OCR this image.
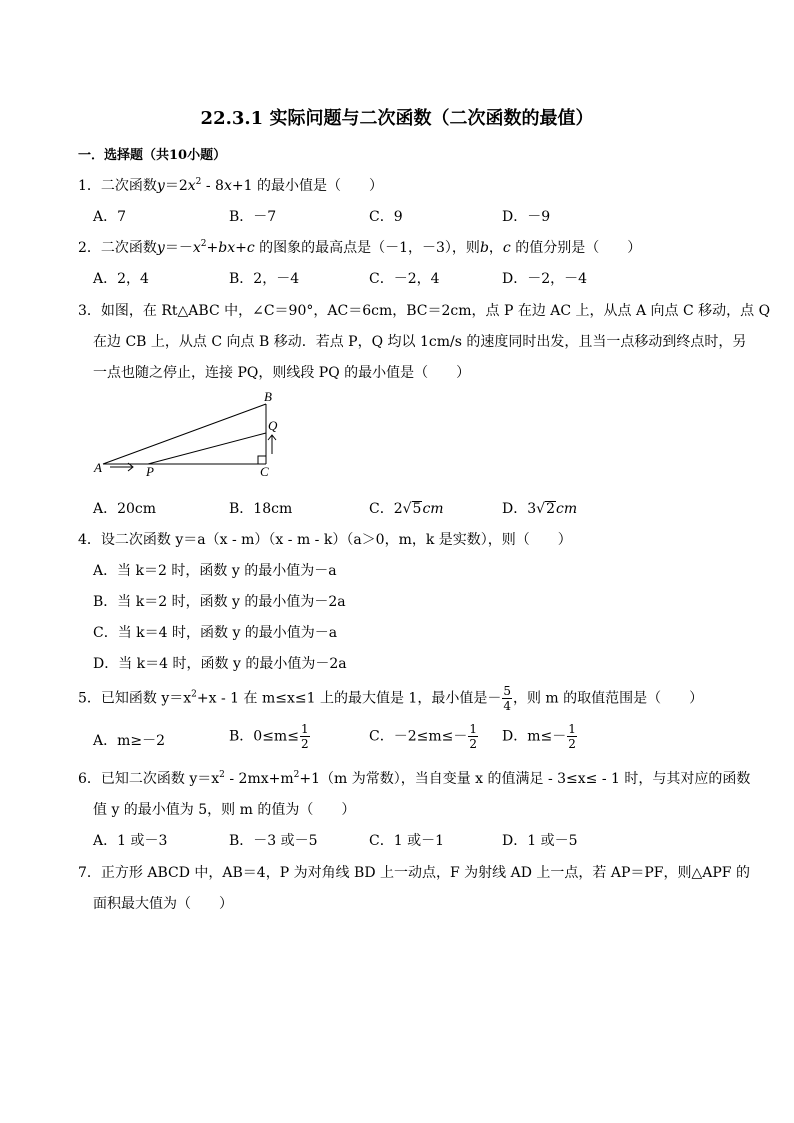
22.3.1 实际问题与二次函数（二次函数的最值）
一．选择题（共10小题）
1．二次函数$y=2x^2 - 8x+1$ 的最小值是（　　）
A．7	B．－7	C．9	D．－9
2．二次函数$y=-x^2+bx+c$ 的图象的最高点是（－1，－3），则b，c 的值分别是（　　）
A．2，4	B．2，－4	C．－2，4	D．－2，－4
3．如图，在 Rt△ABC 中，∠C＝90°，AC＝6cm，BC＝2cm，点 P 在边 AC 上，从点 A 向点 C 移动，点 Q
在边 CB 上，从点 C 向点 B 移动．若点 P，Q 均以 1cm/s 的速度同时出发，且当一点移动到终点时，另
一点也随之停止，连接 PQ，则线段 PQ 的最小值是（　　）
A
B
C
P
Q
A．20cm	B．18cm	C．2√5cm	D．3√2cm
4．设二次函数 y＝a（x - m）（x - m - k）（a＞0，m，k 是实数），则（　　）
A．当 k＝2 时，函数 y 的最小值为－a
B．当 k＝2 时，函数 y 的最小值为－2a
C．当 k＝4 时，函数 y 的最小值为－a
D．当 k＝4 时，函数 y 的最小值为－2a
5．已知函数 $y=x^2+x - 1$ 在 m≤x≤1 上的最大值是 1，最小值是－ $\frac{5}{4}$ ，则 m 的取值范围是（　　）
A．m≥－2	B．$0\le m\le \frac{1}{2}$	C．$-2\le m\le- \frac{1}{2}$ D．$m\le- \frac{1}{2}$
6．已知二次函数 $y=x^2 - 2mx+m^2+1(m$ 为常数），当自变量 x 的值满足 - 3≤x≤ - 1 时，与其对应的函数
值 y 的最小值为 5，则 m 的值为（　　）
A．1 或－3	B．－3 或－5	C．1 或－1	D．1 或－5
7．正方形 ABCD 中，AB＝4，P 为对角线 BD 上一动点，F 为射线 AD 上一点，若 AP＝PF，则△APF 的
面积最大值为（　　）
